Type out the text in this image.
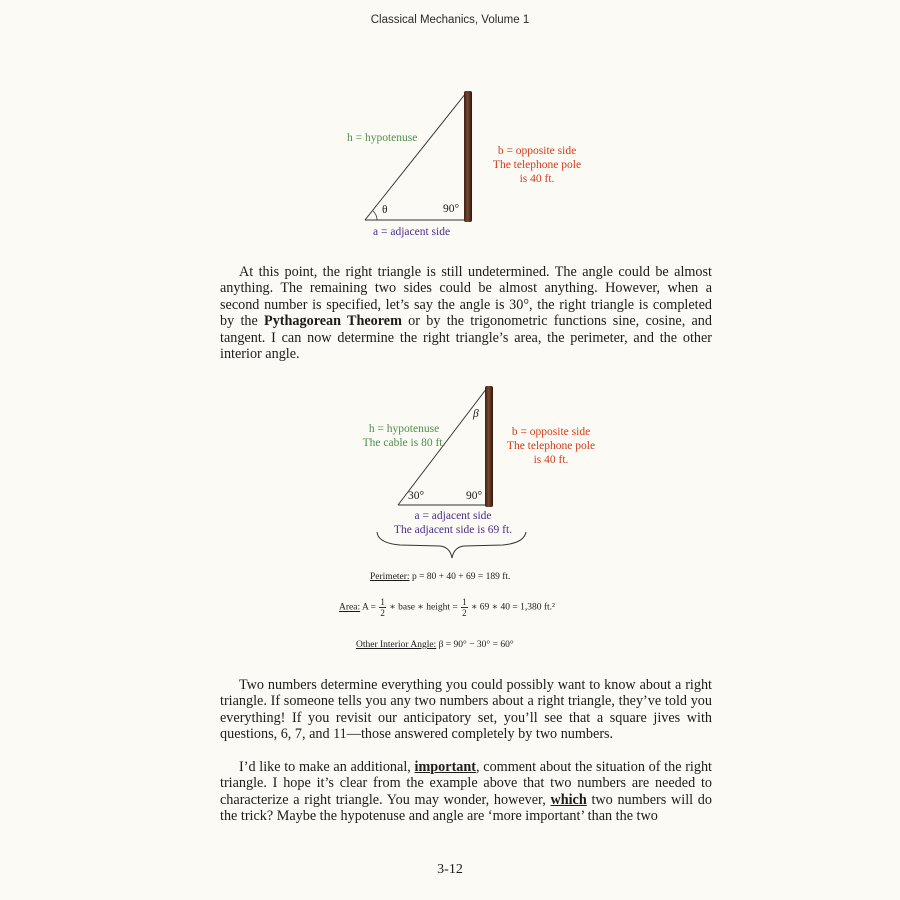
Classical Mechanics, Volume 1
h = hypotenuse
b = opposite side
The telephone pole
is 40 ft.
θ	90°
a = adjacent side

At this point, the right triangle is still undetermined. The angle could be almost anything. The remaining two sides could be almost anything. However, when a second number is specified, let’s say the angle is 30°, the right triangle is completed by the Pythagorean Theorem or by the trigonometric functions sine, cosine, and tangent. I can now determine the right triangle’s area, the perimeter, and the other interior angle.

β
h = hypotenuse
The cable is 80 ft.
b = opposite side
The telephone pole
is 40 ft.
30°	90°
a = adjacent side
The adjacent side is 69 ft.
Perimeter: p = 80 + 40 + 69 = 189 ft.
Area: $A = \frac{1}{2}$ ∗ base ∗ height = $\frac{1}{2}$ ∗ 69 ∗ 40 = 1,380 ft.²
Other Interior Angle: β = 90° − 30° = 60°

Two numbers determine everything you could possibly want to know about a right triangle. If someone tells you any two numbers about a right triangle, they’ve told you everything! If you revisit our anticipatory set, you’ll see that a square jives with questions, 6, 7, and 11—those answered completely by two numbers.

I’d like to make an additional, important, comment about the situation of the right triangle. I hope it’s clear from the example above that two numbers are needed to characterize a right triangle. You may wonder, however, which two numbers will do the trick? Maybe the hypotenuse and angle are ‘more important’ than the two

3-12
